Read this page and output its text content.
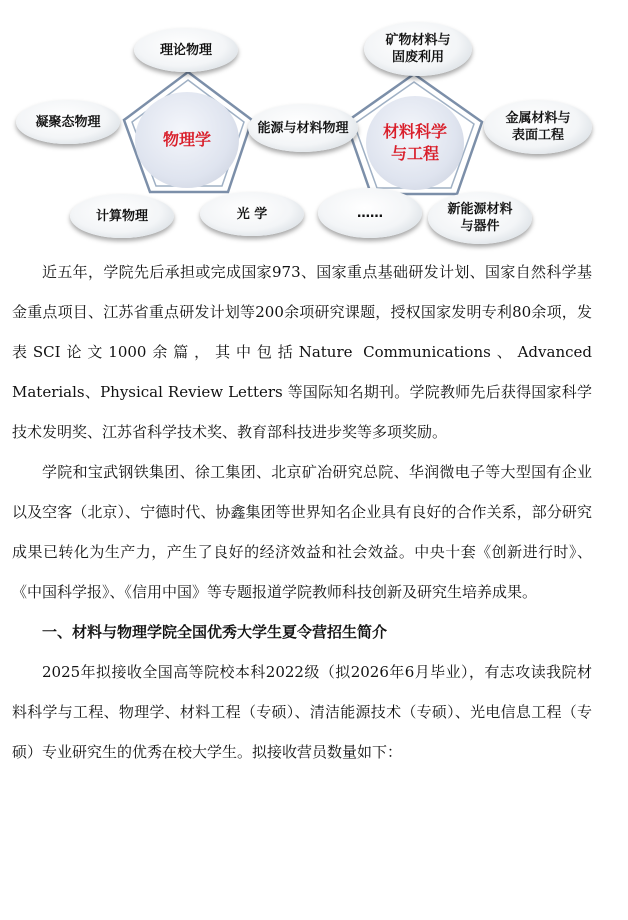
物理学	材料科学与工程
理论物理
凝聚态物理
计算物理	光 学
能源与材料物理
矿物材料与固废利用
金属材料与表面工程
……	新能源材料与器件

近五年，学院先后承担或完成国家973、国家重点基础研发计划、国家自然科学基金重点项目、江苏省重点研发计划等200余项研究课题，授权国家发明专利80余项，发表SCI论文1000余篇，其中包括Nature Communications、Advanced Materials、Physical Review Letters 等国际知名期刊。学院教师先后获得国家科学技术发明奖、江苏省科学技术奖、教育部科技进步奖等多项奖励。

学院和宝武钢铁集团、徐工集团、北京矿冶研究总院、华润微电子等大型国有企业以及空客（北京）、宁德时代、协鑫集团等世界知名企业具有良好的合作关系，部分研究成果已转化为生产力，产生了良好的经济效益和社会效益。中央十套《创新进行时》、《中国科学报》、《信用中国》等专题报道学院教师科技创新及研究生培养成果。

一、材料与物理学院全国优秀大学生夏令营招生简介

2025年拟接收全国高等院校本科2022级（拟2026年6月毕业），有志攻读我院材料科学与工程、物理学、材料工程（专硕）、清洁能源技术（专硕）、光电信息工程（专硕）专业研究生的优秀在校大学生。拟接收营员数量如下：
